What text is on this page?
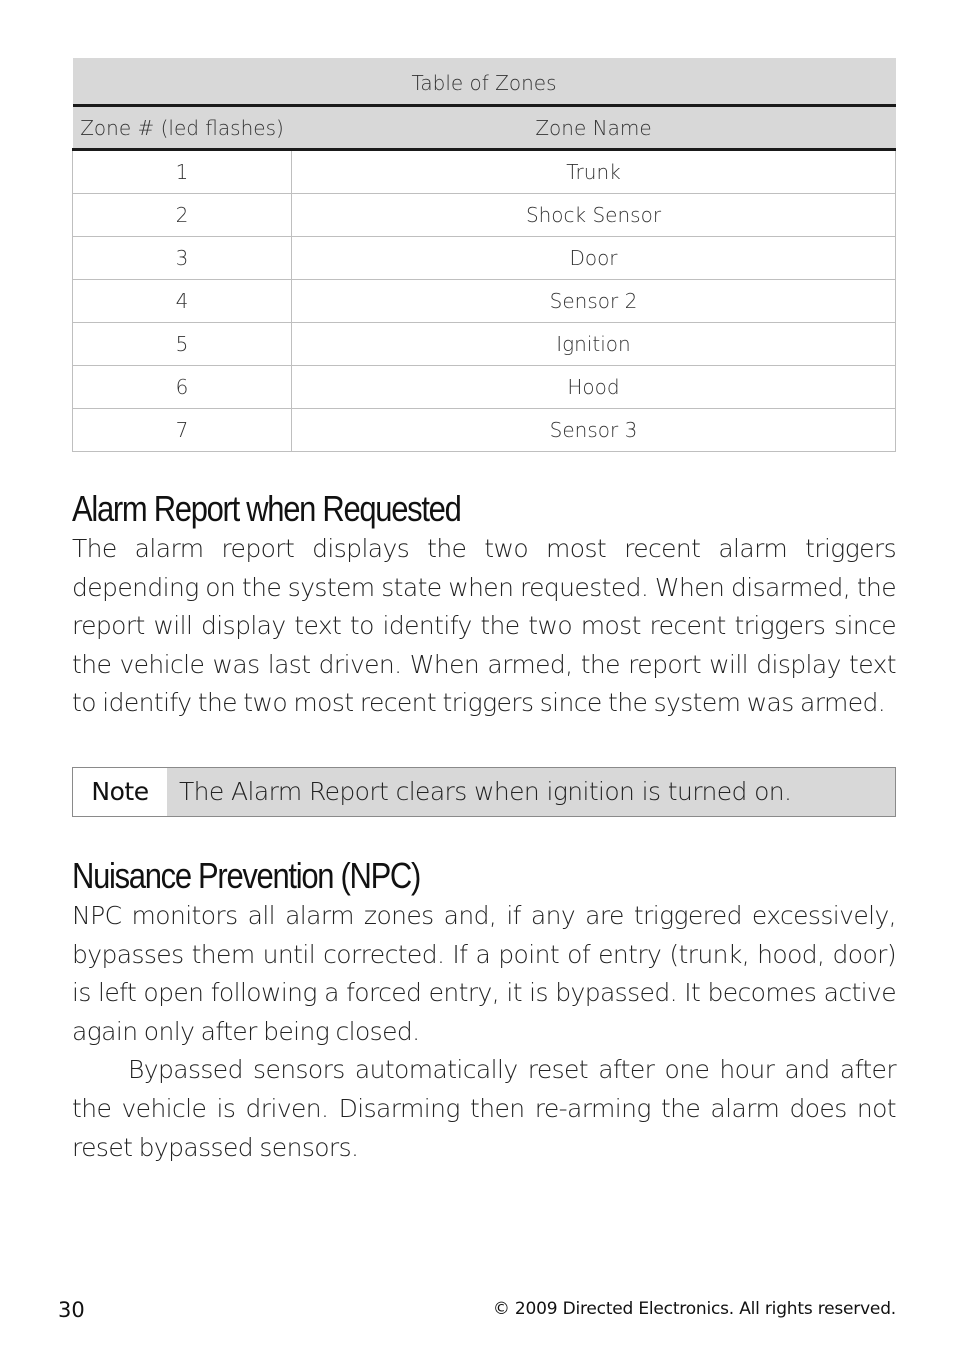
Table of Zones	
Zone # (led flashes)	Zone Name
1	Trunk
2	Shock Sensor
3	Door
4	Sensor 2
5	Ignition
6	Hood
7	Sensor 3
Alarm Report when Requested

The alarm report displays the two most recent alarm triggers depending on the system state when requested. When disarmed, the report will display text to identify the two most recent triggers since the vehicle was last driven. When armed, the report will display text to identify the two most recent triggers since the system was armed.

Note	The Alarm Report clears when ignition is turned on.
Nuisance Prevention (NPC)

NPC monitors all alarm zones and, if any are triggered excessively, bypasses them until corrected. If a point of entry (trunk, hood, door) is left open following a forced entry, it is bypassed. It becomes active again only after being closed.

Bypassed sensors automatically reset after one hour and after the vehicle is driven. Disarming then re-arming the alarm does not reset bypassed sensors.

30	© 2009 Directed Electronics. All rights reserved.
